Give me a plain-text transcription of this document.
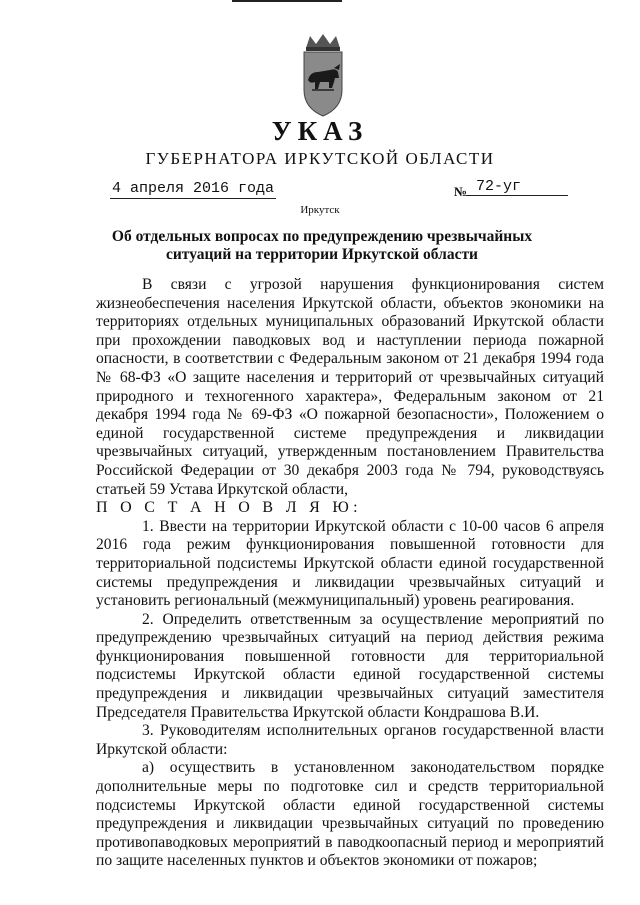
УКАЗ
ГУБЕРНАТОРА ИРКУТСКОЙ ОБЛАСТИ
4 апреля 2016 года	№ 72-уг
Иркутск
Об отдельных вопросах по предупреждению чрезвычайных ситуаций на территории Иркутской области

В связи с угрозой нарушения функционирования систем жизнеобеспечения населения Иркутской области, объектов экономики на территориях отдельных муниципальных образований Иркутской области при прохождении паводковых вод и наступлении периода пожарной опасности, в соответствии с Федеральным законом от 21 декабря 1994 года № 68-ФЗ «О защите населения и территорий от чрезвычайных ситуаций природного и техногенного характера», Федеральным законом от 21 декабря 1994 года № 69-ФЗ «О пожарной безопасности», Положением о единой государственной системе предупреждения и ликвидации чрезвычайных ситуаций, утвержденным постановлением Правительства Российской Федерации от 30 декабря 2003 года № 794, руководствуясь статьей 59 Устава Иркутской области,

П О С Т А Н О В Л Я Ю:

1. Ввести на территории Иркутской области с 10-00 часов 6 апреля 2016 года режим функционирования повышенной готовности для территориальной подсистемы Иркутской области единой государственной системы предупреждения и ликвидации чрезвычайных ситуаций и установить региональный (межмуниципальный) уровень реагирования.

2. Определить ответственным за осуществление мероприятий по предупреждению чрезвычайных ситуаций на период действия режима функционирования повышенной готовности для территориальной подсистемы Иркутской области единой государственной системы предупреждения и ликвидации чрезвычайных ситуаций заместителя Председателя Правительства Иркутской области Кондрашова В.И.

3. Руководителям исполнительных органов государственной власти Иркутской области:

а) осуществить в установленном законодательством порядке дополнительные меры по подготовке сил и средств территориальной подсистемы Иркутской области единой государственной системы предупреждения и ликвидации чрезвычайных ситуаций по проведению противопаводковых мероприятий в паводкоопасный период и мероприятий по защите населенных пунктов и объектов экономики от пожаров;
